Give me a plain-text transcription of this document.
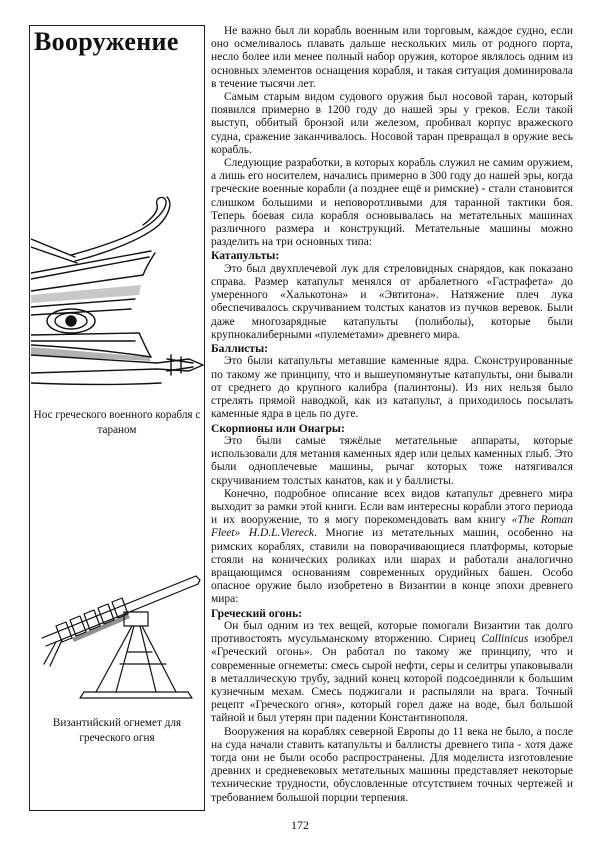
Вооружение
Нос греческого военного корабля с тараном
Византийский огнемет для греческого огня

Не важно был ли корабль военным или торговым, каждое судно, если оно осмеливалось плавать дальше нескольких миль от родного порта, несло более или менее полный набор оружия, которое являлось одним из основных элементов оснащения корабля, и такая ситуация доминировала в течение тысячи лет.

Самым старым видом судового оружия был носовой таран, который появился примерно в 1200 году до нашей эры у греков. Если такой выступ, оббитый бронзой или железом, пробивал корпус вражеского судна, сражение заканчивалось. Носовой таран превращал в оружие весь корабль.

Следующие разработки, в которых корабль служил не самим оружием, а лишь его носителем, начались примерно в 300 году до нашей эры, когда греческие военные корабли (а позднее ещё и римские) - стали становится слишком большими и неповоротливыми для таранной тактики боя. Теперь боевая сила корабля основывалась на метательных машинах различного размера и конструкций. Метательные машины можно разделить на три основных типа:

Катапульты:

Это был двухплечевой лук для стреловидных снарядов, как показано справа. Размер катапульт менялся от арбалетного «Гастрафета» до умеренного «Халькотона» и «Эвтитона». Натяжение плеч лука обеспечивалось скручиванием толстых канатов из пучков веревок. Были даже многозарядные катапульты (полиболы), которые были крупнокалиберными «пулеметами» древнего мира.

Баллисты:

Это были катапульты метавшие каменные ядра. Сконструированные по такому же принципу, что и вышеупомянутые катапульты, они бывали от среднего до крупного калибра (палинтоны). Из них нельзя было стрелять прямой наводкой, как из катапульт, а приходилось посылать каменные ядра в цель по дуге.

Скорпионы или Онагры:

Это были самые тяжёлые метательные аппараты, которые использовали для метания каменных ядер или целых каменных глыб. Это были одноплечевые машины, рычаг которых тоже натягивался скручиванием толстых канатов, как и у баллисты.

Конечно, подробное описание всех видов катапульт древнего мира выходит за рамки этой книги. Если вам интересны корабли этого периода и их вооружение, то я могу порекомендовать вам книгу «The Roman Fleet» H.D.L.Viereck. Многие из метательных машин, особенно на римских кораблях, ставили на поворачивающиеся платформы, которые стояли на конических роликах или шарах и работали аналогично вращающимся основаниям современных орудийных башен. Особо опасное оружие было изобретено в Византии в конце эпохи древнего мира:

Греческий огонь:

Он был одним из тех вещей, которые помогали Византии так долго противостоять мусульманскому вторжению. Сириец Callinicus изобрел «Греческий огонь». Он работал по такому же принципу, что и современные огнеметы: смесь сырой нефти, серы и селитры упаковывали в металлическую трубу, задний конец которой подсоединяли к большим кузнечным мехам. Смесь поджигали и распыляли на врага. Точный рецепт «Греческого огня», который горел даже на воде, был большой тайной и был утерян при падении Константинополя.

Вооружения на кораблях северной Европы до 11 века не было, а после на суда начали ставить катапульты и баллисты древнего типа - хотя даже тогда они не были особо распространены. Для моделиста изготовление древних и средневековых метательных машины представляет некоторые технические трудности, обусловленные отсутствием точных чертежей и требованием большой порции терпения.

172
